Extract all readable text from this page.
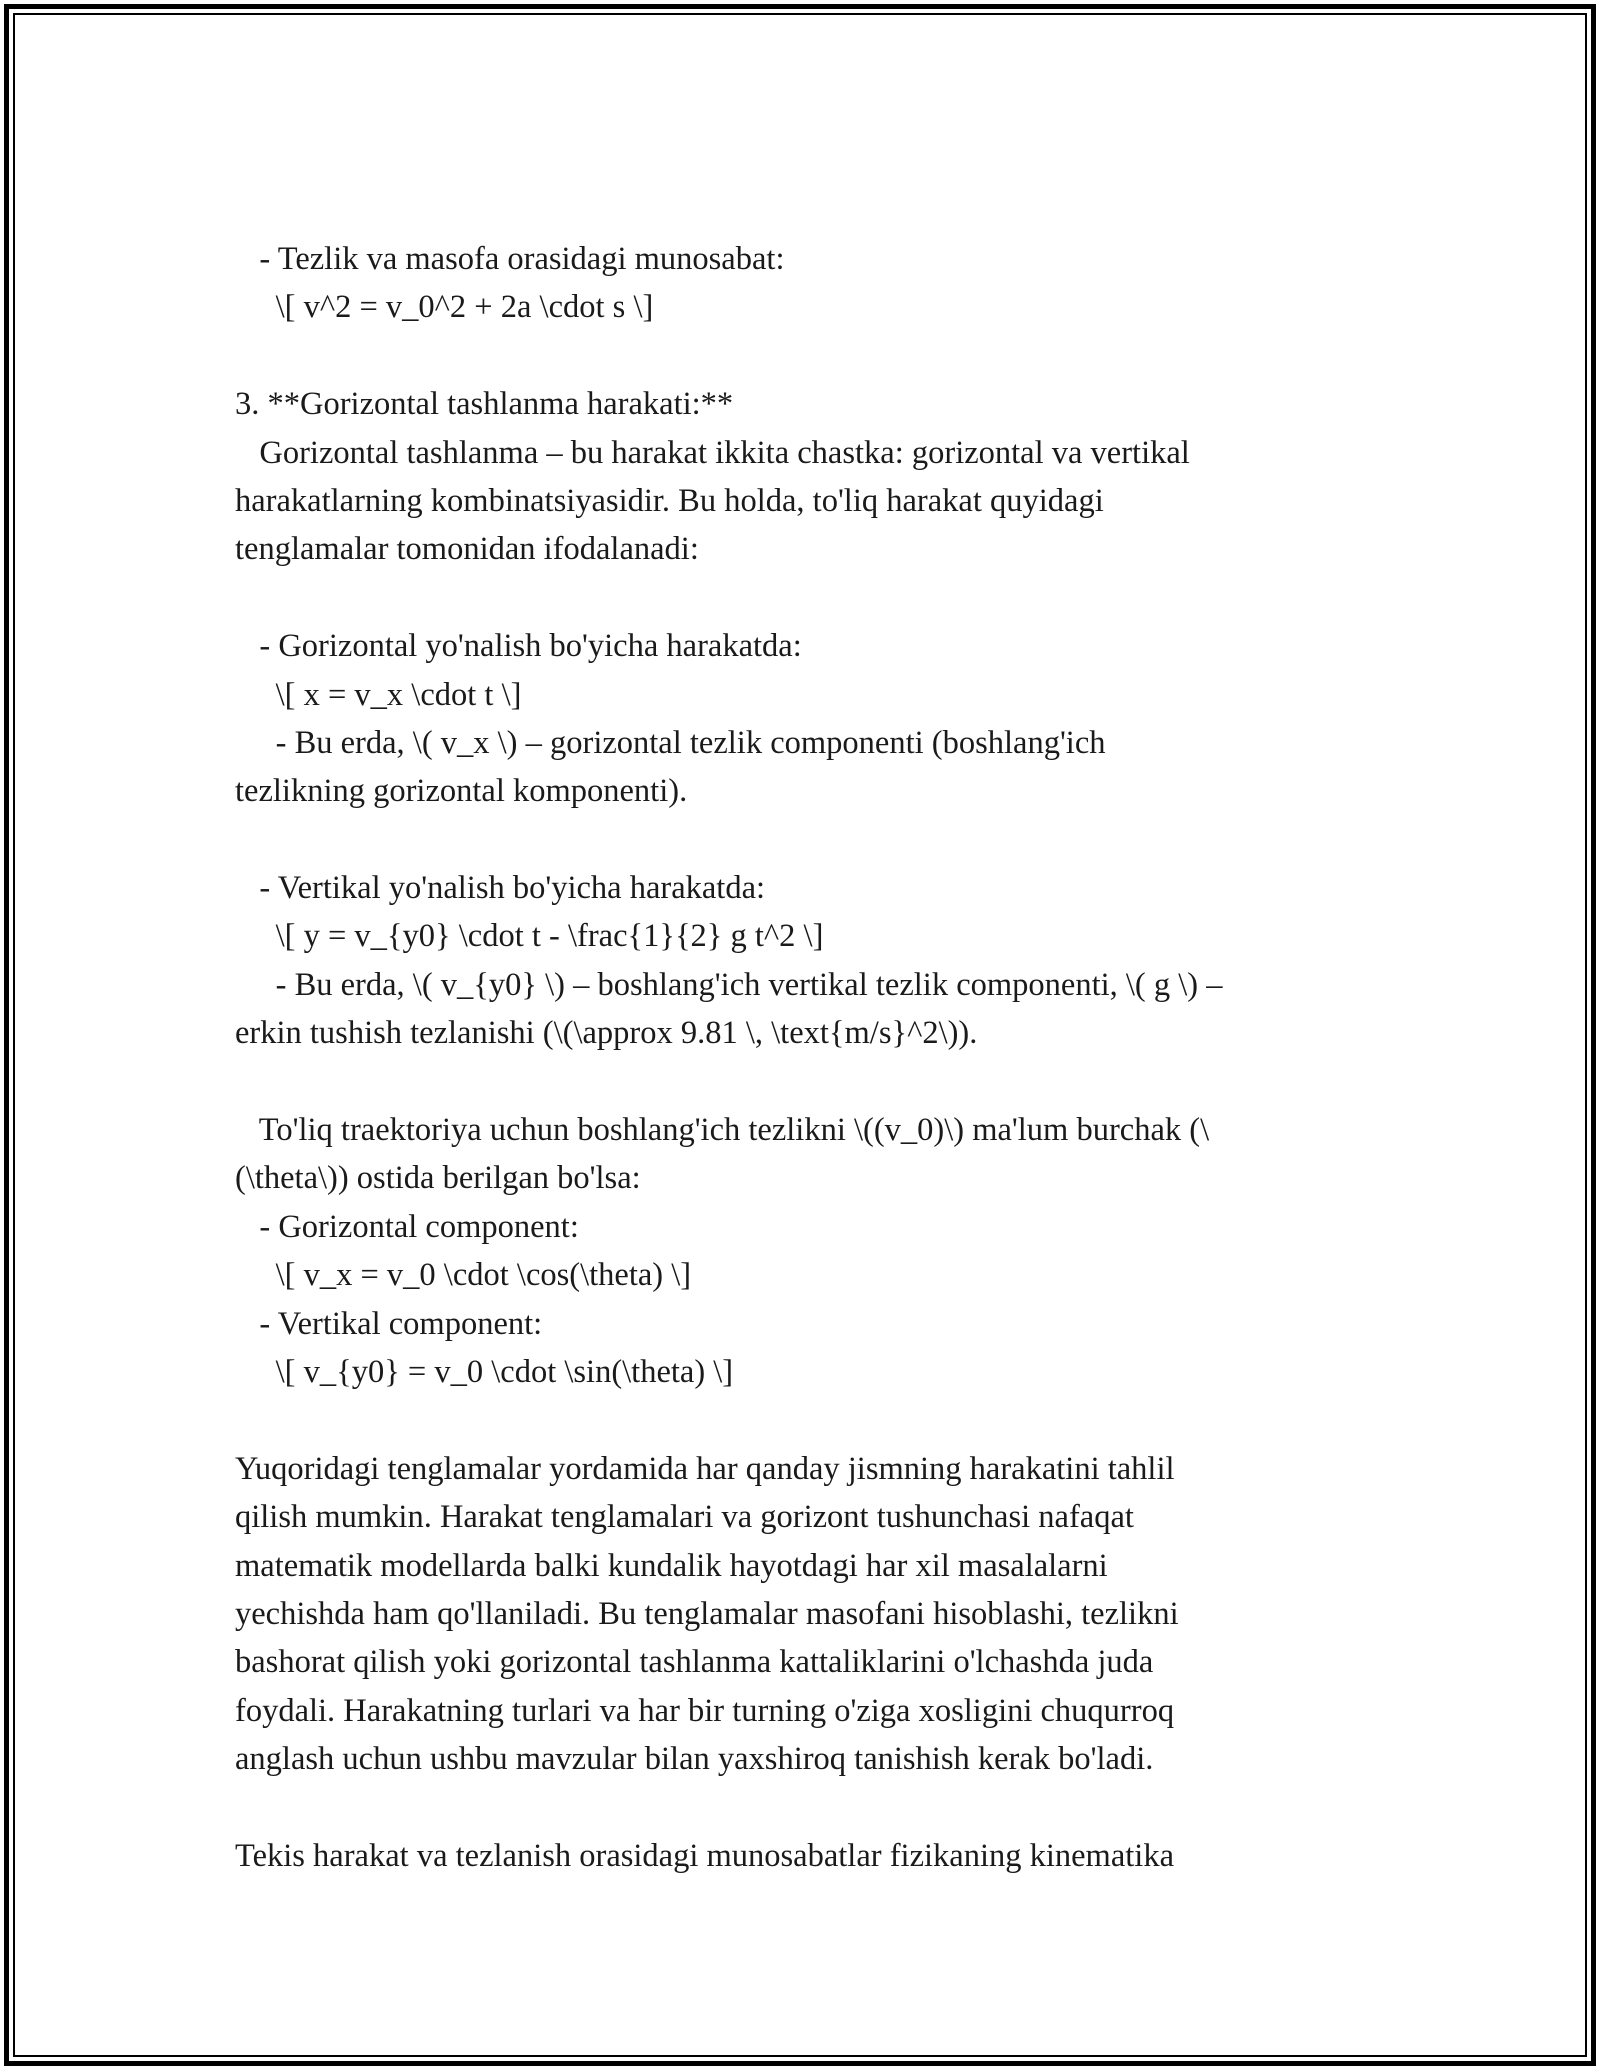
- Tezlik va masofa orasidagi munosabat:
\[ v^2 = v_0^2 + 2a \cdot s \]
3. **Gorizontal tashlanma harakati:**
Gorizontal tashlanma – bu harakat ikkita chastka: gorizontal va vertikal
harakatlarning kombinatsiyasidir. Bu holda, to'liq harakat quyidagi
tenglamalar tomonidan ifodalanadi:
- Gorizontal yo'nalish bo'yicha harakatda:
\[ x = v_x \cdot t \]
- Bu erda, \( v_x \) – gorizontal tezlik componenti (boshlang'ich
tezlikning gorizontal komponenti).
- Vertikal yo'nalish bo'yicha harakatda:
\[ y = v_{y0} \cdot t - \frac{1}{2} g t^2 \]
- Bu erda, \( v_{y0} \) – boshlang'ich vertikal tezlik componenti, \( g \) –
erkin tushish tezlanishi (\(\approx 9.81 \, \text{m/s}^2\)).
To'liq traektoriya uchun boshlang'ich tezlikni \((v_0)\) ma'lum burchak (\
(\theta\)) ostida berilgan bo'lsa:
- Gorizontal component:
\[ v_x = v_0 \cdot \cos(\theta) \]
- Vertikal component:
\[ v_{y0} = v_0 \cdot \sin(\theta) \]
Yuqoridagi tenglamalar yordamida har qanday jismning harakatini tahlil
qilish mumkin. Harakat tenglamalari va gorizont tushunchasi nafaqat
matematik modellarda balki kundalik hayotdagi har xil masalalarni
yechishda ham qo'llaniladi. Bu tenglamalar masofani hisoblashi, tezlikni
bashorat qilish yoki gorizontal tashlanma kattaliklarini o'lchashda juda
foydali. Harakatning turlari va har bir turning o'ziga xosligini chuqurroq
anglash uchun ushbu mavzular bilan yaxshiroq tanishish kerak bo'ladi.
Tekis harakat va tezlanish orasidagi munosabatlar fizikaning kinematika
